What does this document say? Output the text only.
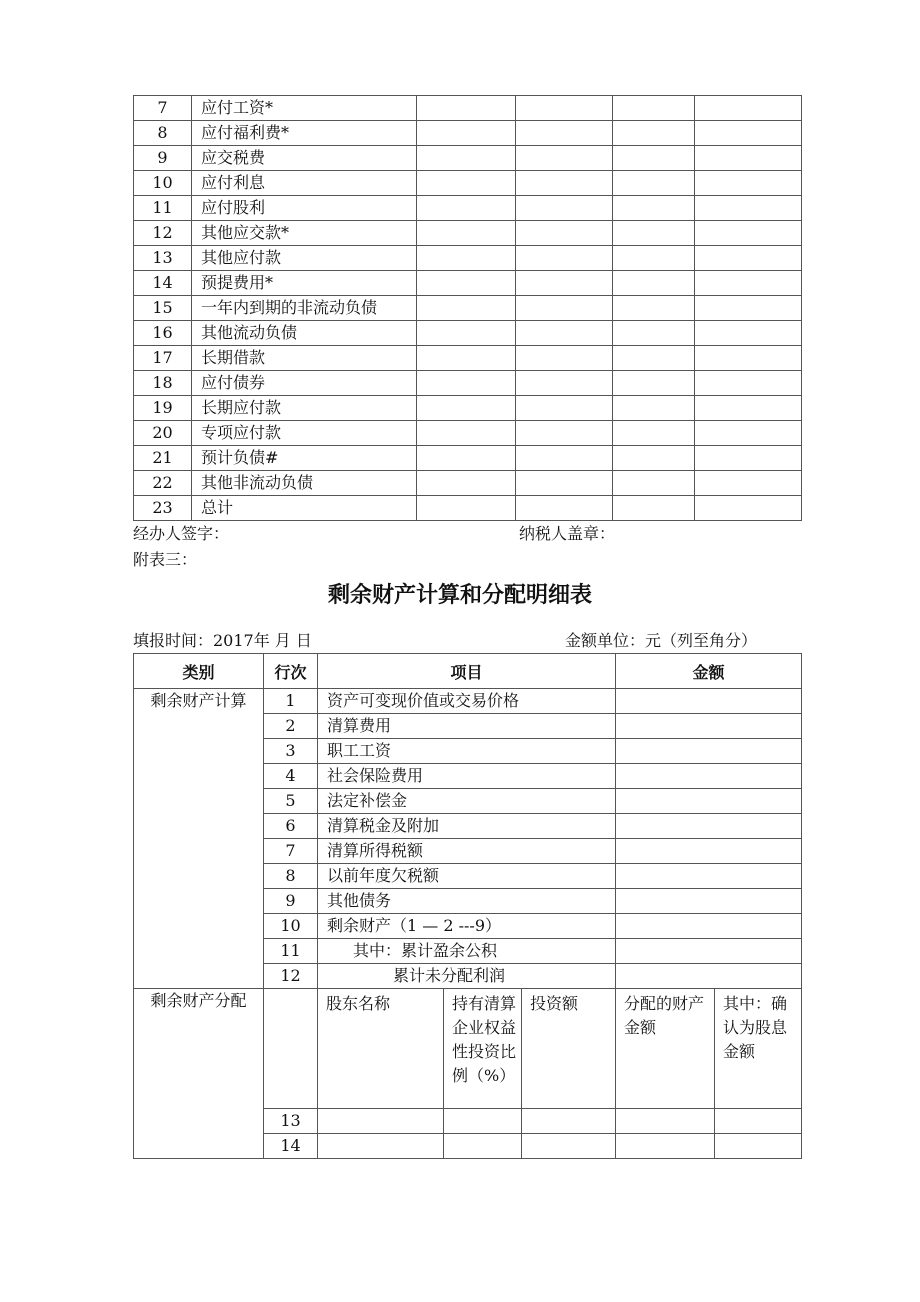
7	应付工资*				
8	应付福利费*				
9	应交税费				
10	应付利息				
11	应付股利				
12	其他应交款*				
13	其他应付款				
14	预提费用*				
15	一年内到期的非流动负债				
16	其他流动负债				
17	长期借款				
18	应付债券				
19	长期应付款				
20	专项应付款				
21	预计负债#				
22	其他非流动负债				
23	总计				
经办人签字：	纳税人盖章：
附表三：
剩余财产计算和分配明细表
填报时间：2017年 月 日	金额单位：元（列至角分）
类别	行次	项目			金额	
剩余财产计算	1	资产可变现价值或交易价格				
	2	清算费用				
	3	职工工资				
	4	社会保险费用				
	5	法定补偿金				
	6	清算税金及附加				
	7	清算所得税额				
	8	以前年度欠税额				
	9	其他债务				
	10	剩余财产（1 — 2 ---9）				
	11	其中：累计盈余公积				
	12	累计未分配利润				
剩余财产分配		股东名称	持有清算企业权益性投资比例（%）	投资额	分配的财产金额	其中：确认为股息金额
	13					
	14					
